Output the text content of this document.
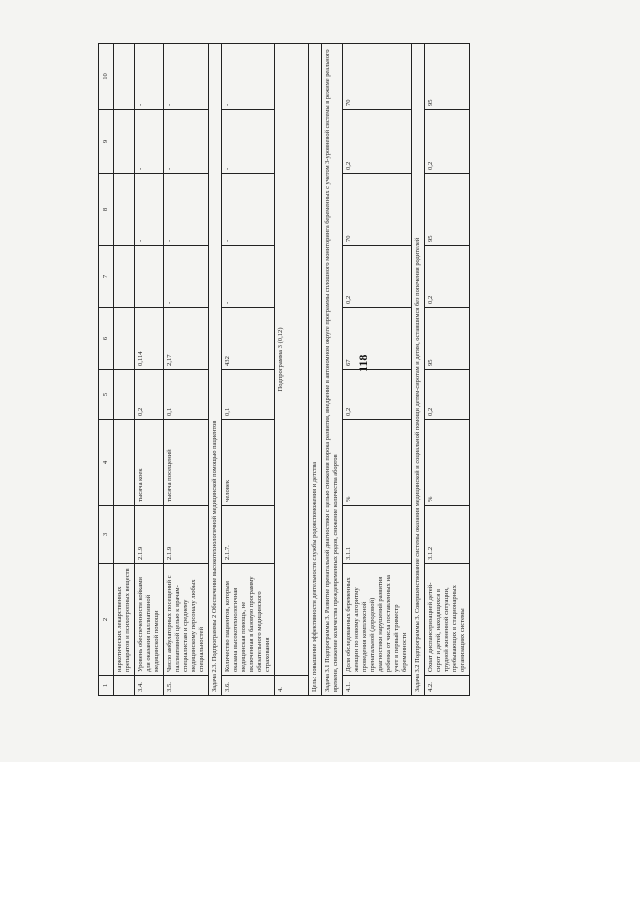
118
1	2	3	4	5	6	7	8	9	10
	наркотических лекарственных препаратов и психотропных веществ								
3.4.	Уровень обеспеченности койками для оказания паллиативной медицинской помощи	2.1.9	тысяча коек	0,2	0,114		-	-	-
3.5.	Число амбулаторных посещений с паллиативной целью к врачам-специалистам и среднему медицинскому персоналу любых специальностей	2.1.9	тысяча посещений	0,1	2,17	-	-	-	-
Задача 2.3. Подпрограммы 2 Обеспечение высокотехнологичной медицинской помощью пациентов									
3.6.	Количество пациентов, которым оказана высокотехнологичная медицинская помощь, не включенная в базовую программу обязательного медицинского страхования	2.1.7.	человек	0,1	432	-	-	-	-
4.	Подпрограмма 3 (0,12)								
Цель: повышение эффективности деятельности службы родовспоможения и детства									
Задача 3.1 Подпрограммы 3. Развитие пренатальной диагностики с целью снижения порока развития, внедрение в автономном округе программы сплошного мониторинга беременных с учетом 3-уровневой системы в режиме реального времени, снижение количества преждевременных родов, снижение количества абортов									
4.1.	Доля обследованных беременных женщин по новому алгоритму проведения комплексной пренатальной (дородовой) диагностики нарушений развития ребенка от числа поставленных на учет в первый триместр беременности	3.1.1	%	0,2	67	0,2	70	0,2	70
Задача 3.2 Подпрограммы 3. Совершенствование системы оказания медицинской и социальной помощи детям-сиротам и детям, оставшимся без попечения родителей									
4.2.	Охват диспансеризацией детей-сирот и детей, находящихся в трудной жизненной ситуации, пребывающих в стационарных организациях системы	3.1.2	%	0,2	95	0,2	95	0,2	95
